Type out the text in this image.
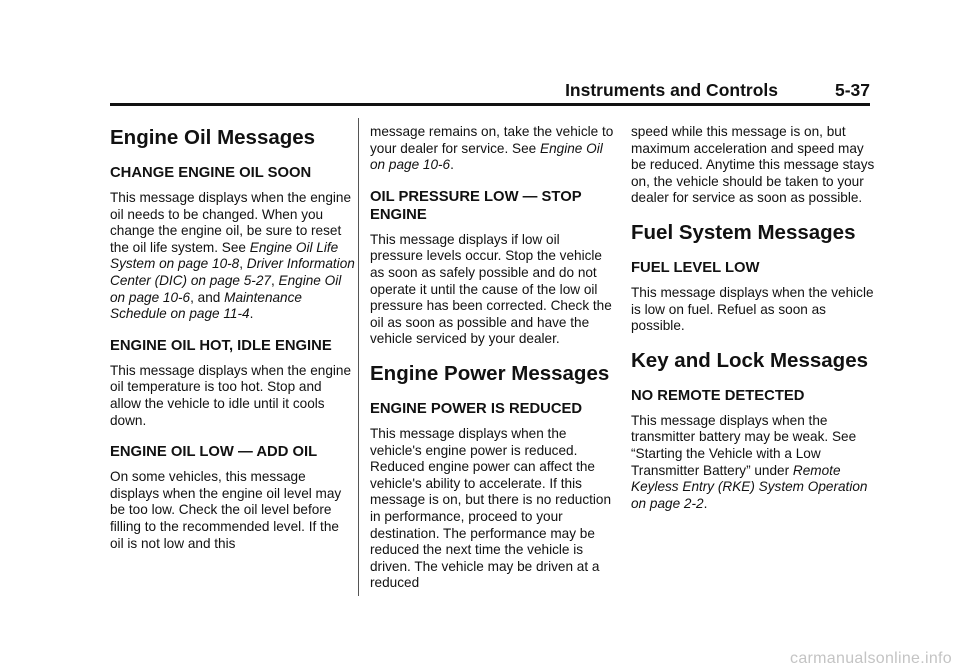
Instruments and Controls	5-37
Engine Oil Messages
CHANGE ENGINE OIL SOON

This message displays when the engine oil needs to be changed. When you change the engine oil, be sure to reset the oil life system. See Engine Oil Life System on page 10-8, Driver Information Center (DIC) on page 5-27, Engine Oil on page 10-6, and Maintenance Schedule on page 11-4.

ENGINE OIL HOT, IDLE ENGINE

This message displays when the engine oil temperature is too hot. Stop and allow the vehicle to idle until it cools down.

ENGINE OIL LOW — ADD OIL

On some vehicles, this message displays when the engine oil level may be too low. Check the oil level before filling to the recommended level. If the oil is not low and this

message remains on, take the vehicle to your dealer for service. See Engine Oil on page 10-6.

OIL PRESSURE LOW — STOP ENGINE

This message displays if low oil pressure levels occur. Stop the vehicle as soon as safely possible and do not operate it until the cause of the low oil pressure has been corrected. Check the oil as soon as possible and have the vehicle serviced by your dealer.

Engine Power Messages
ENGINE POWER IS REDUCED

This message displays when the vehicle's engine power is reduced. Reduced engine power can affect the vehicle's ability to accelerate. If this message is on, but there is no reduction in performance, proceed to your destination. The performance may be reduced the next time the vehicle is driven. The vehicle may be driven at a reduced

speed while this message is on, but maximum acceleration and speed may be reduced. Anytime this message stays on, the vehicle should be taken to your dealer for service as soon as possible.

Fuel System Messages
FUEL LEVEL LOW

This message displays when the vehicle is low on fuel. Refuel as soon as possible.

Key and Lock Messages
NO REMOTE DETECTED

This message displays when the transmitter battery may be weak. See “Starting the Vehicle with a Low Transmitter Battery” under Remote Keyless Entry (RKE) System Operation on page 2-2.

carmanualsonline.info
